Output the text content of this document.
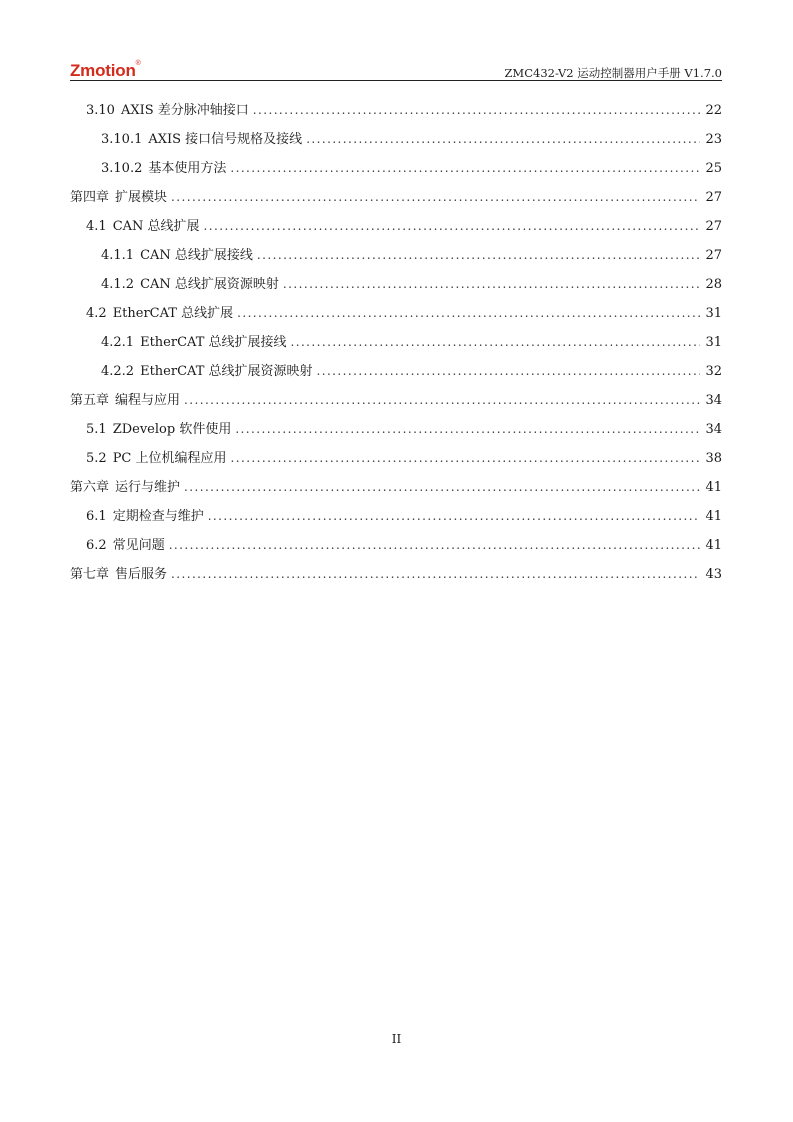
Zmotion®
ZMC432-V2 运动控制器用户手册 V1.7.0
3.10 AXIS 差分脉冲轴接口 . . .	22
3.10.1 AXIS 接口信号规格及接线 . . .	23
3.10.2 基本使用方法 . . .	25
第四章 扩展模块 . . .	27
4.1 CAN 总线扩展 . . .	27
4.1.1 CAN 总线扩展接线 . . .	27
4.1.2 CAN 总线扩展资源映射 . . .	28
4.2 EtherCAT 总线扩展 . . .	31
4.2.1 EtherCAT 总线扩展接线 . . .	31
4.2.2 EtherCAT 总线扩展资源映射 . . .	32
第五章 编程与应用 . . .	34
5.1 ZDevelop 软件使用 . . .	34
5.2 PC 上位机编程应用 . . .	38
第六章 运行与维护 . . .	41
6.1 定期检查与维护 . . .	41
6.2 常见问题 . . .	41
第七章 售后服务 . . .	43
II
